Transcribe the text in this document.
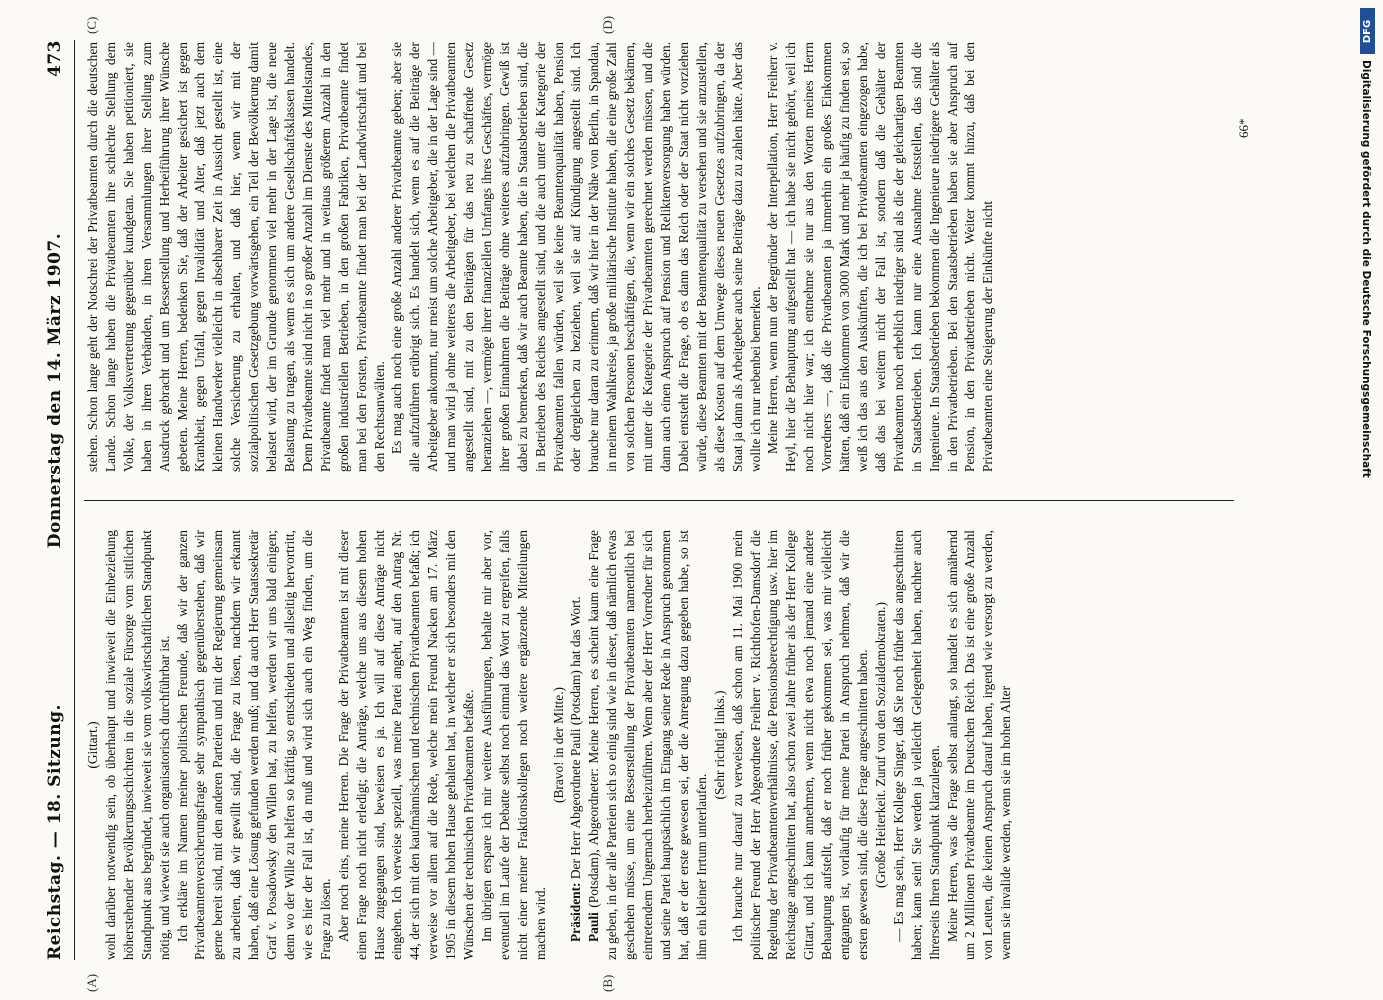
Reichstag. — 18. Sitzung.
Donnerstag den 14. März 1907.
473
(A)	(B)
(C)	(D)

(Gittart.) wohl darüber notwendig sein, ob überhaupt und inwieweit die Einbeziehung höherstehender Bevölkerungsschichten in die soziale Fürsorge vom sittlichen Standpunkt aus begründet, inwieweit sie vom volkswirtschaftlichen Standpunkt nötig, und wieweit sie auch organisatorisch durchführbar ist. Ich erkläre im Namen meiner politischen Freunde, daß wir der ganzen Privatbeamtenversicherungsfrage sehr sympathisch gegenüberstehen, daß wir gerne bereit sind, mit den anderen Parteien und mit der Regierung gemeinsam zu arbeiten, daß wir gewillt sind, die Frage zu lösen, nachdem wir erkannt haben, daß eine Lösung gefunden werden muß; und da auch Herr Staatssekretär Graf v. Posadowsky den Willen hat, zu helfen, werden wir uns bald einigen; denn wo der Wille zu helfen so kräftig, so entschieden und allseitig hervortritt, wie es hier der Fall ist, da muß und wird sich auch ein Weg finden, um die Frage zu lösen. Aber noch eins, meine Herren. Die Frage der Privatbeamten ist mit dieser einen Frage noch nicht erledigt; die Anträge, welche uns aus diesem hohen Hause zugegangen sind, beweisen es ja. Ich will auf diese Anträge nicht eingehen. Ich verweise speziell, was meine Partei angeht, auf den Antrag Nr. 44, der sich mit den kaufmännischen und technischen Privatbeamten befaßt; ich verweise vor allem auf die Rede, welche mein Freund Nacken am 17. März 1905 in diesem hohen Hause gehalten hat, in welcher er sich besonders mit den Wünschen der technischen Privatbeamten befaßte. Im übrigen erspare ich mir weitere Ausführungen, behalte mir aber vor, eventuell im Laufe der Debatte selbst noch einmal das Wort zu ergreifen, falls nicht einer meiner Fraktionskollegen noch weitere ergänzende Mitteilungen machen wird.

(Bravo! in der Mitte.)

Präsident: Der Herr Abgeordnete Pauli (Potsdam) hat das Wort.

Pauli (Potsdam), Abgeordneter: Meine Herren, es scheint kaum eine Frage zu geben, in der alle Parteien sich so einig sind wie in dieser, daß nämlich etwas geschehen müsse, um eine Besserstellung der Privatbeamten namentlich bei eintretendem Ungemach herbeizuführen. Wenn aber der Herr Vorredner für sich und seine Partei hauptsächlich im Eingang seiner Rede in Anspruch genommen hat, daß er der erste gewesen sei, der die Anregung dazu gegeben habe, so ist ihm ein kleiner Irrtum unterlaufen.

(Sehr richtig! links.) Ich brauche nur darauf zu verweisen, daß schon am 11. Mai 1900 mein politischer Freund der Herr Abgeordnete Freiherr v. Richthofen-Damsdorf die Regelung der Privatbeamtenverhältnisse, die Pensionsberechtigung usw. hier im Reichstage angeschnitten hat, also schon zwei Jahre früher als der Herr Kollege Gittart, und ich kann annehmen, wenn nicht etwa noch jemand eine andere Behauptung aufstellt, daß er noch früher gekommen sei, was mir vielleicht entgangen ist, vorläufig für meine Partei in Anspruch nehmen, daß wir die ersten gewesen sind, die diese Frage angeschnitten haben. (Große Heiterkeit. Zuruf von den Sozialdemokraten.) — Es mag sein, Herr Kollege Singer, daß Sie noch früher das angeschnitten haben; kann sein! Sie werden ja vielleicht Gelegenheit haben, nachher auch Ihrerseits Ihren Standpunkt klarzulegen. Meine Herren, was die Frage selbst anlangt, so handelt es sich annähernd um 2 Millionen Privatbeamte im Deutschen Reich. Das ist eine große Anzahl von Leuten, die keinen Anspruch darauf haben, irgend wie versorgt zu werden, wenn sie invalide werden, wenn sie im hohen Alter

stehen. Schon lange geht der Notschrei der Privatbeamten durch die deutschen Lande. Schon lange haben die Privatbeamten ihre schlechte Stellung dem Volke, der Volksvertretung gegenüber kundgetan. Sie haben petitioniert, sie haben in ihren Verbänden, in ihren Versammlungen ihrer Stellung zum Ausdruck gebracht und um Besserstellung und Herbeiführung ihrer Wünsche gebeten. Meine Herren, bedenken Sie, daß der Arbeiter gesichert ist gegen Krankheit, gegen Unfall, gegen Invalidität und Alter, daß jetzt auch dem kleinen Handwerker vielleicht in absehbarer Zeit in Aussicht gestellt ist, eine solche Versicherung zu erhalten, und daß hier, wenn wir mit der sozialpolitischen Gesetzgebung vorwärtsgehen, ein Teil der Bevölkerung damit belastet wird, der im Grunde genommen viel mehr in der Lage ist, die neue Belastung zu tragen, als wenn es sich um andere Gesellschaftsklassen handelt. Denn Privatbeamte sind nicht in so großer Anzahl im Dienste des Mittelstandes, Privatbeamte findet man viel mehr und in weitaus größerem Anzahl in den großen industriellen Betrieben, in den großen Fabriken, Privatbeamte findet man bei den Forsten, Privatbeamte findet man bei der Landwirtschaft und bei den Rechtsanwälten. Es mag auch noch eine große Anzahl anderer Privatbeamte geben; aber sie alle aufzuführen erübrigt sich. Es handelt sich, wenn es auf die Beiträge der Arbeitgeber ankommt, nur meist um solche Arbeitgeber, die in der Lage sind — und man wird ja ohne weiteres die Arbeitgeber, bei welchen die Privatbeamten angestellt sind, mit zu den Beiträgen für das neu zu schaffende Gesetz heranziehen —, vermöge ihrer finanziellen Umfangs ihres Geschäftes, vermöge ihrer großen Einnahmen die Beiträge ohne weiteres aufzubringen. Gewiß ist dabei zu bemerken, daß wir auch Beamte haben, die in Staatsbetrieben sind, die in Betrieben des Reiches angestellt sind, und die auch unter die Kategorie der Privatbeamten fallen würden, weil sie keine Beamtenqualität haben, Pension oder dergleichen zu beziehen, weil sie auf Kündigung angestellt sind. Ich brauche nur daran zu erinnern, daß wir hier in der Nähe von Berlin, in Spandau, in meinem Wahlkreise, ja große militärische Institute haben, die eine große Zahl von solchen Personen beschäftigen, die, wenn wir ein solches Gesetz bekämen, mit unter die Kategorie der Privatbeamten gerechnet werden müssen, und die dann auch einen Anspruch auf Pension und Reliktenversorgung haben würden. Dabei entsteht die Frage, ob es dann das Reich oder der Staat nicht vorziehen würde, diese Beamten mit der Beamtenqualität zu versehen und sie anzustellen, als diese Kosten auf dem Umwege dieses neuen Gesetzes aufzubringen, da der Staat ja dann als Arbeitgeber auch seine Beiträge dazu zu zahlen hätte. Aber das wollte ich nur nebenbei bemerken. Meine Herren, wenn nun der Begründer der Interpellation, Herr Freiherr v. Heyl, hier die Behauptung aufgestellt hat — ich habe sie nicht gehört, weil ich noch nicht hier war; ich entnehme sie nur aus den Worten meines Herrn Vorredners —, daß die Privatbeamten ja immerhin ein großes Einkommen hätten, daß ein Einkommen von 3000 Mark und mehr ja häufig zu finden sei, so weiß ich das aus den Auskünften, die ich bei Privatbeamten eingezogen habe, daß das bei weitem nicht der Fall ist, sondern daß die Gehälter der Privatbeamten noch erheblich niedriger sind als die der gleichartigen Beamten in Staatsbetrieben. Ich kann nur eine Ausnahme feststellen, das sind die Ingenieure. In Staatsbetrieben bekommen die Ingenieure niedrigere Gehälter als in den Privatbetrieben. Bei den Staatsbetrieben haben sie aber Anspruch auf Pension, in den Privatbetrieben nicht. Weiter kommt hinzu, daß bei den Privatbeamten eine Steigerung der Einkünfte nicht

66*
DFG
Digitalisierung gefördert durch die Deutsche Forschungsgemeinschaft
